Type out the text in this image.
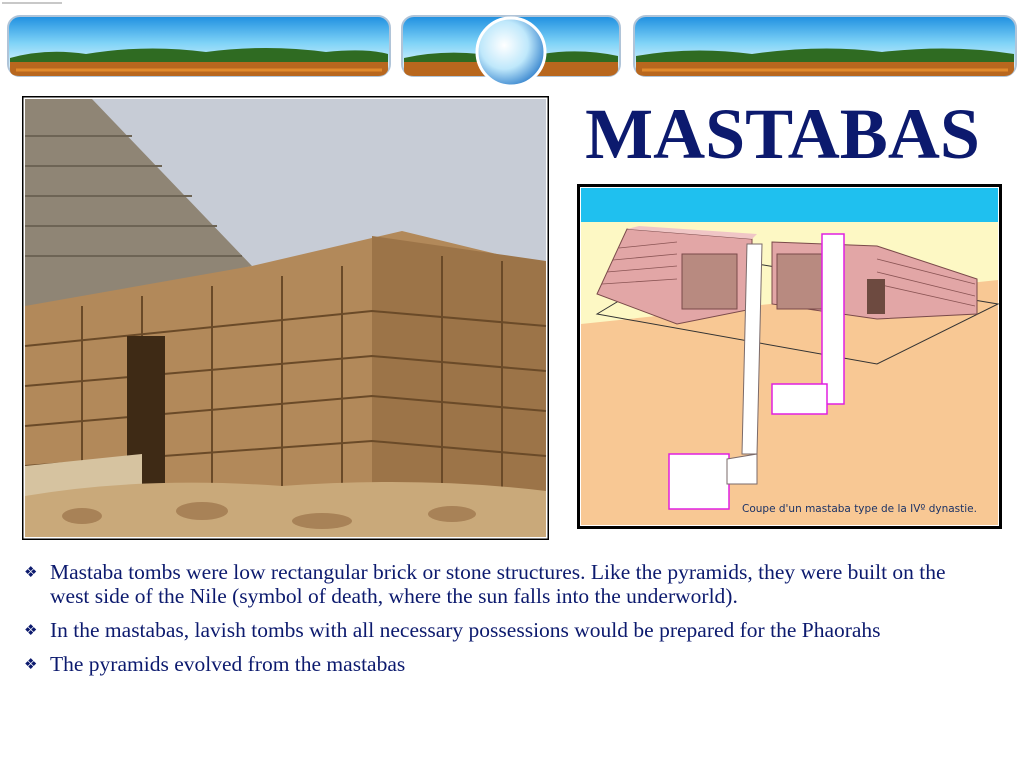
MASTABAS
Coupe d'un mastaba type de la IVº dynastie.
❖ Mastaba tombs were low rectangular brick or stone structures. Like the pyramids, they were built on the west side of the Nile (symbol of death, where the sun falls into the underworld).
❖ In the mastabas, lavish tombs with all necessary possessions would be prepared for the Phaorahs
❖ The pyramids evolved from the mastabas
